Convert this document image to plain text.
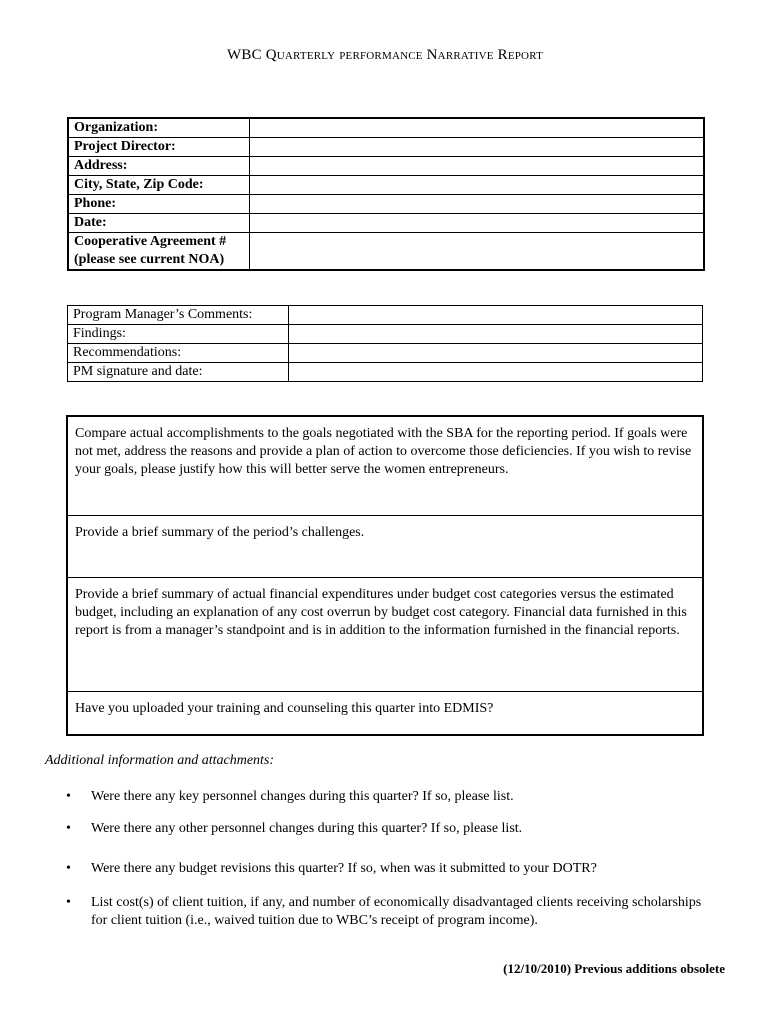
WBC Quarterly performance Narrative Report
Organization:	
Project Director:	
Address:	
City, State, Zip Code:	
Phone:	
Date:	

Cooperative Agreement #
(please see current NOA)	

Program Manager’s Comments:	
Findings:	
Recommendations:	
PM signature and date:	
Compare actual accomplishments to the goals negotiated with the SBA for the reporting period. If goals were not met, address the reasons and provide a plan of action to overcome those deficiencies. If you wish to revise your goals, please justify how this will better serve the women entrepreneurs.
Provide a brief summary of the period’s challenges.
Provide a brief summary of actual financial expenditures under budget cost categories versus the estimated budget, including an explanation of any cost overrun by budget cost category. Financial data furnished in this report is from a manager’s standpoint and is in addition to the information furnished in the financial reports.
Have you uploaded your training and counseling this quarter into EDMIS?
Additional information and attachments:
• Were there any key personnel changes during this quarter? If so, please list.
• Were there any other personnel changes during this quarter? If so, please list.
• Were there any budget revisions this quarter? If so, when was it submitted to your DOTR?
• List cost(s) of client tuition, if any, and number of economically disadvantaged clients receiving scholarships for client tuition (i.e., waived tuition due to WBC’s receipt of program income).
(12/10/2010) Previous additions obsolete
